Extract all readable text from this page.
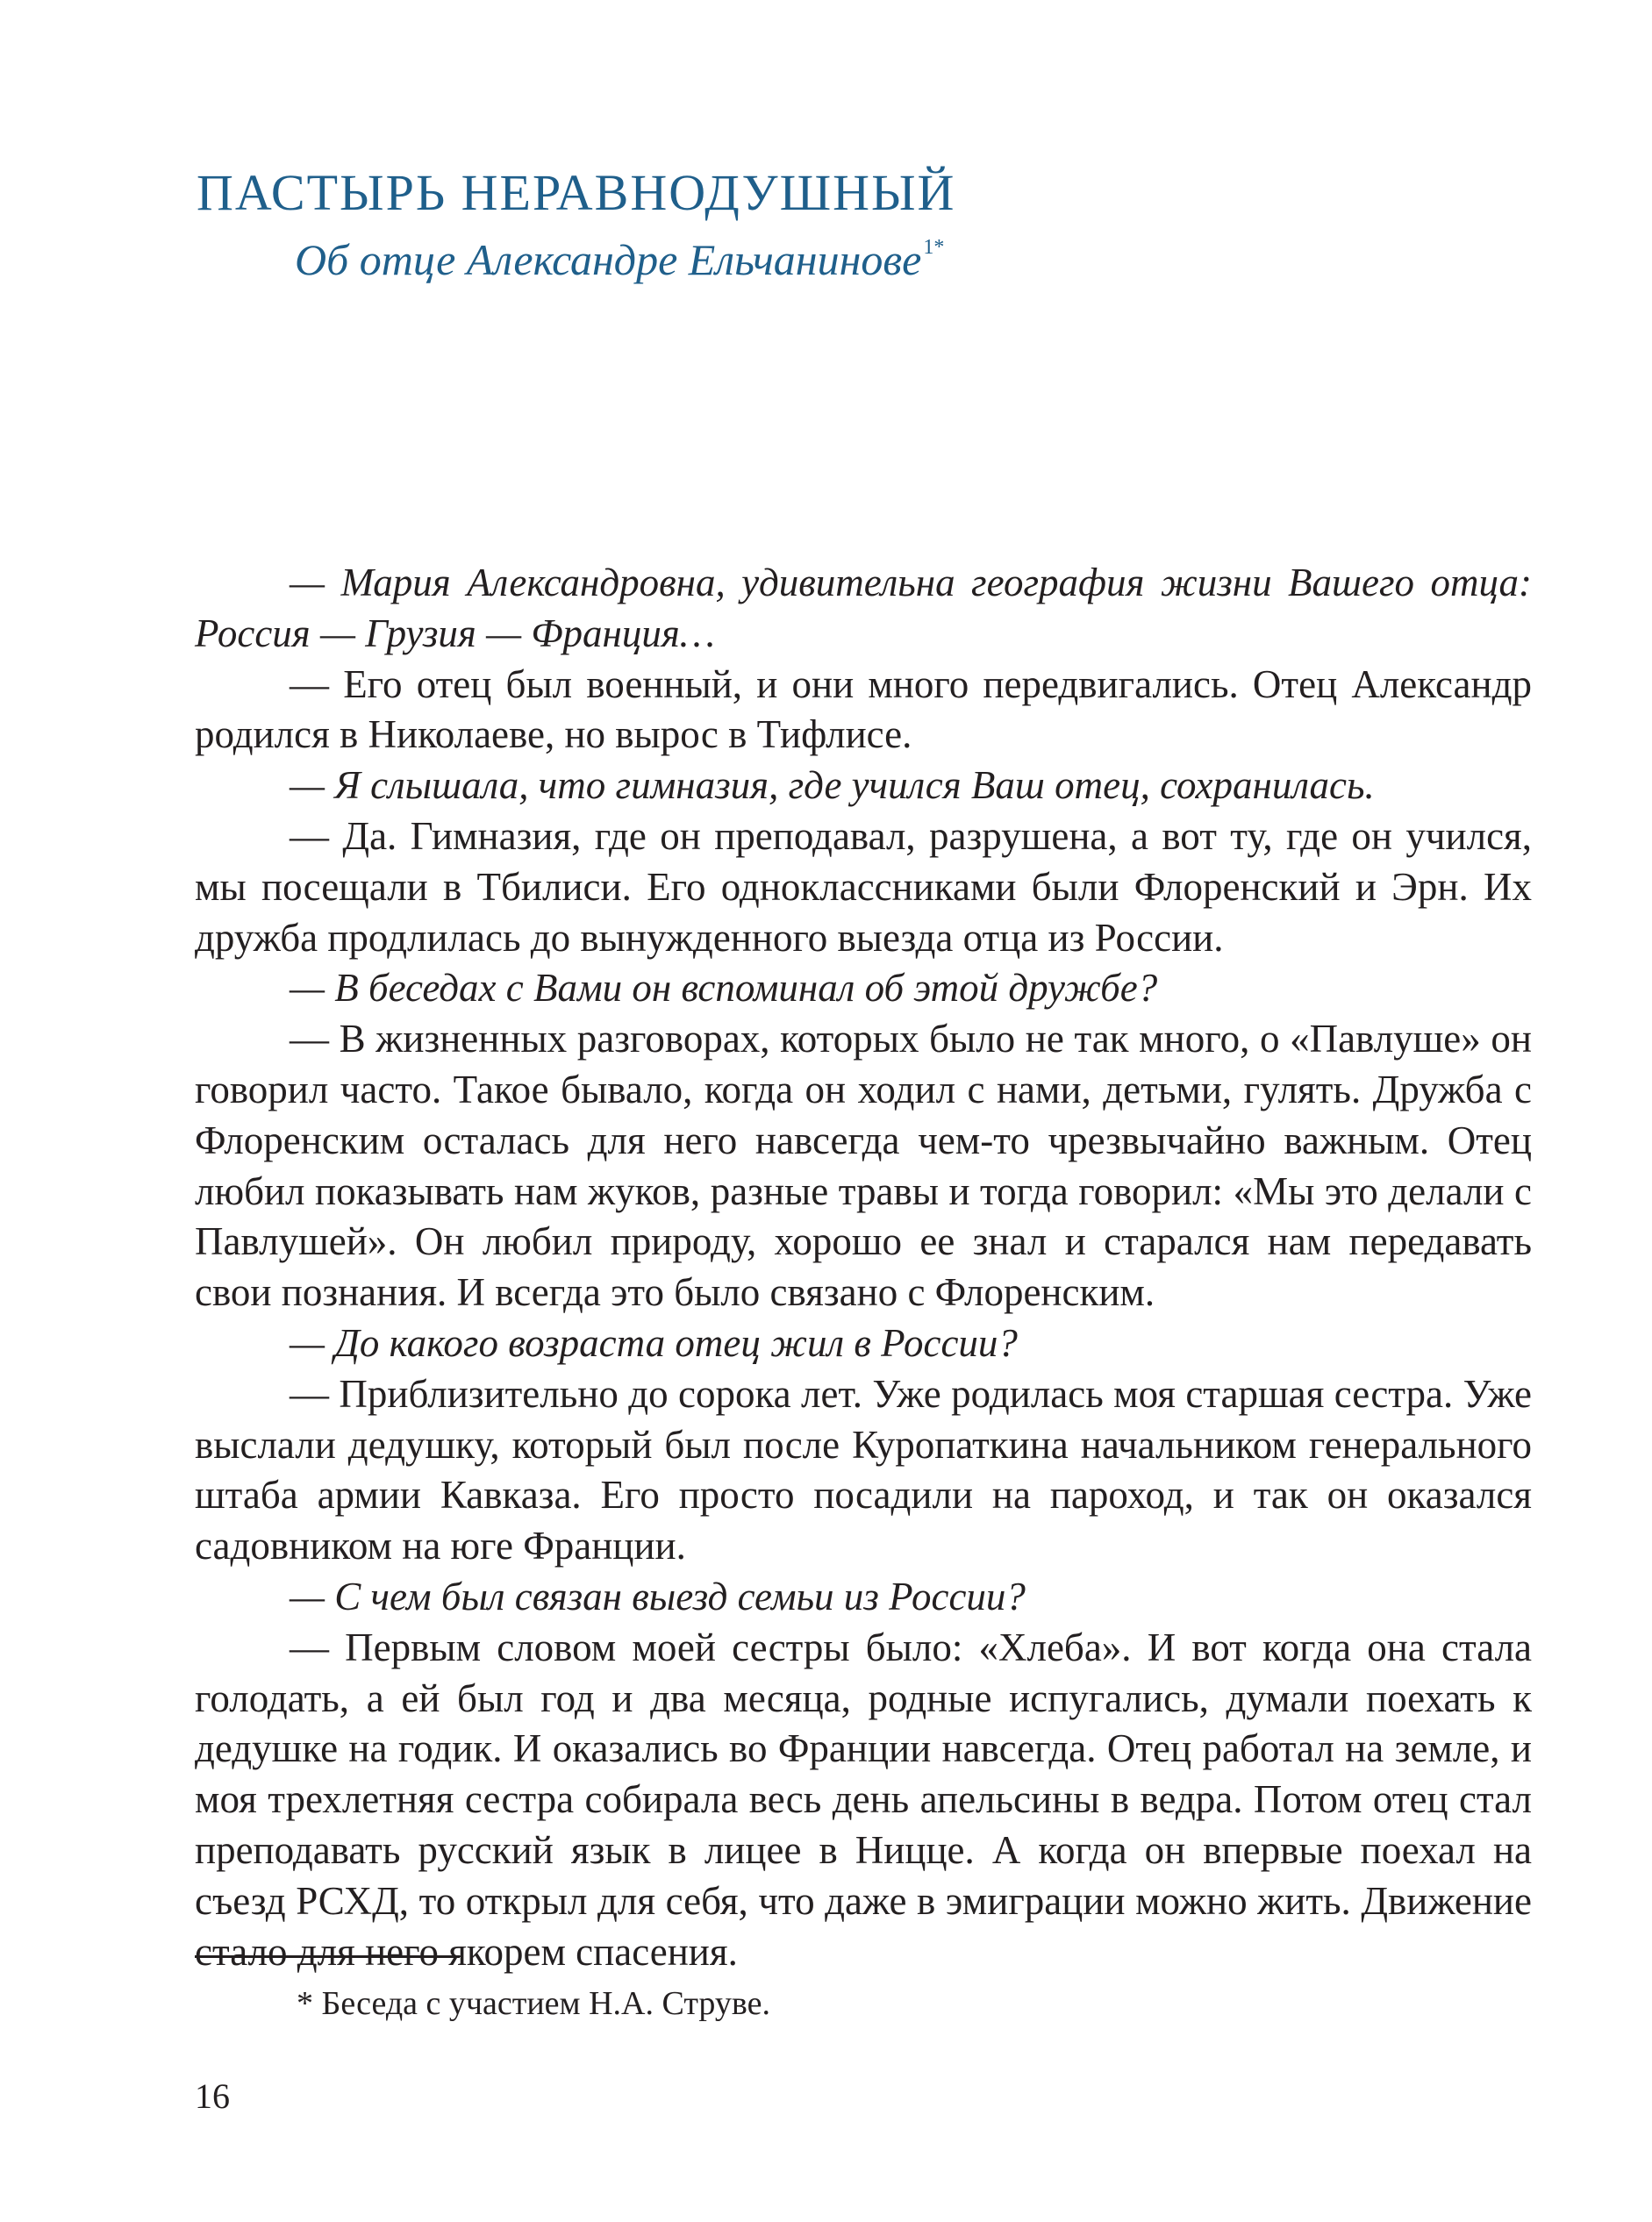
ПАСТЫРЬ НЕРАВНОДУШНЫЙ
Об отце Александре Ельчанинове$^{1*}$

— Мария Александровна, удивительна география жизни Вашего отца: Россия — Грузия — Франция…

— Его отец был военный, и они много передвигались. Отец Александр родился в Николаеве, но вырос в Тифлисе.

— Я слышала, что гимназия, где учился Ваш отец, сохранилась.

— Да. Гимназия, где он преподавал, разрушена, а вот ту, где он учился, мы посещали в Тбилиси. Его одноклассниками были Флоренский и Эрн. Их дружба продлилась до вынужденного выезда отца из России.

— В беседах с Вами он вспоминал об этой дружбе?

— В жизненных разговорах, которых было не так много, о «Павлуше» он говорил часто. Такое бывало, когда он ходил с нами, детьми, гулять. Дружба с Флоренским осталась для него навсегда чем-то чрезвычайно важным. Отец любил показывать нам жуков, разные травы и тогда говорил: «Мы это делали с Павлушей». Он любил природу, хорошо ее знал и старался нам передавать свои познания. И всегда это было связано с Флоренским.

— До какого возраста отец жил в России?

— Приблизительно до сорока лет. Уже родилась моя старшая сестра. Уже выслали дедушку, который был после Куропаткина начальником генерального штаба армии Кавказа. Его просто посадили на пароход, и так он оказался садовником на юге Франции.

— С чем был связан выезд семьи из России?

— Первым словом моей сестры было: «Хлеба». И вот когда она стала голодать, а ей был год и два месяца, родные испугались, думали поехать к дедушке на годик. И оказались во Франции навсегда. Отец работал на земле, и моя трехлетняя сестра собирала весь день апельсины в ведра. Потом отец стал преподавать русский язык в лицее в Ницце. А когда он впервые поехал на съезд РСХД, то открыл для себя, что даже в эмиграции можно жить. Движение стало для него якорем спасения.

* Беседа с участием Н.А. Струве.

16
